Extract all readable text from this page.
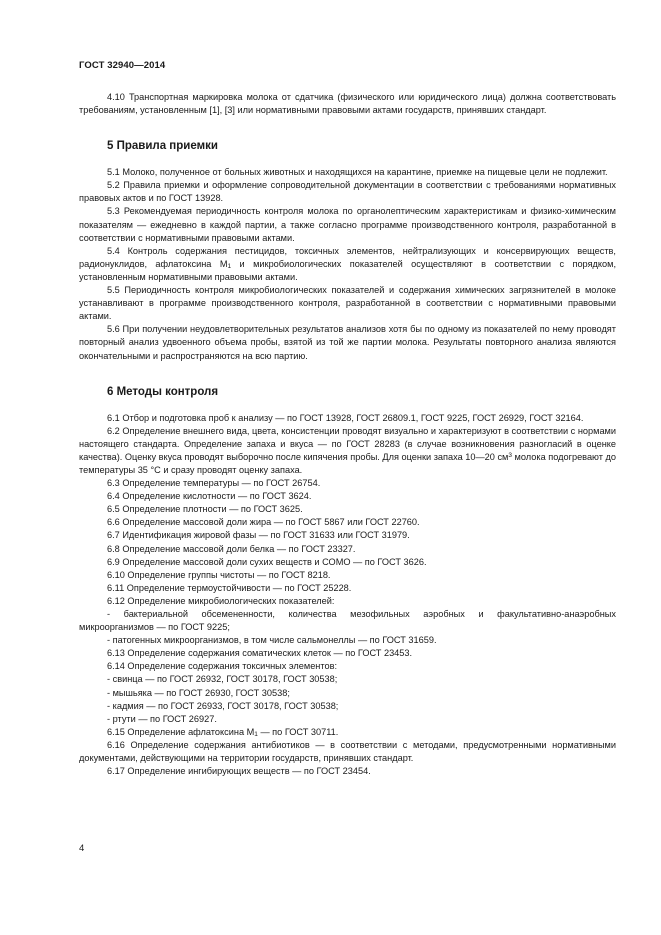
ГОСТ 32940—2014

4.10 Транспортная маркировка молока от сдатчика (физического или юридического лица) должна соответствовать требованиям, установленным [1], [3] или нормативными правовыми актами государств, принявших стандарт.

5 Правила приемки

5.1 Молоко, полученное от больных животных и находящихся на карантине, приемке на пищевые цели не подлежит.

5.2 Правила приемки и оформление сопроводительной документации в соответствии с требованиями нормативных правовых актов и по ГОСТ 13928.

5.3 Рекомендуемая периодичность контроля молока по органолептическим характеристикам и физико-химическим показателям — ежедневно в каждой партии, а также согласно программе производственного контроля, разработанной в соответствии с нормативными правовыми актами.

5.4 Контроль содержания пестицидов, токсичных элементов, нейтрализующих и консервирующих веществ, радионуклидов, афлатоксина $М_1$ и микробиологических показателей осуществляют в соответствии с порядком, установленным нормативными правовыми актами.

5.5 Периодичность контроля микробиологических показателей и содержания химических загрязнителей в молоке устанавливают в программе производственного контроля, разработанной в соответствии с нормативными правовыми актами.

5.6 При получении неудовлетворительных результатов анализов хотя бы по одному из показателей по нему проводят повторный анализ удвоенного объема пробы, взятой из той же партии молока. Результаты повторного анализа являются окончательными и распространяются на всю партию.

6 Методы контроля

6.1 Отбор и подготовка проб к анализу — по ГОСТ 13928, ГОСТ 26809.1, ГОСТ 9225, ГОСТ 26929, ГОСТ 32164.

6.2 Определение внешнего вида, цвета, консистенции проводят визуально и характеризуют в соответствии с нормами настоящего стандарта. Определение запаха и вкуса — по ГОСТ 28283 (в случае возникновения разногласий в оценке качества). Оценку вкуса проводят выборочно после кипячения пробы. Для оценки запаха 10—20 $см^3$ молока подогревают до температуры 35 °С и сразу проводят оценку запаха.

6.3 Определение температуры — по ГОСТ 26754.

6.4 Определение кислотности — по ГОСТ 3624.

6.5 Определение плотности — по ГОСТ 3625.

6.6 Определение массовой доли жира — по ГОСТ 5867 или ГОСТ 22760.

6.7 Идентификация жировой фазы — по ГОСТ 31633 или ГОСТ 31979.

6.8 Определение массовой доли белка — по ГОСТ 23327.

6.9 Определение массовой доли сухих веществ и СОМО — по ГОСТ 3626.

6.10 Определение группы чистоты — по ГОСТ 8218.

6.11 Определение термоустойчивости — по ГОСТ 25228.

6.12 Определение микробиологических показателей:

- бактериальной обсемененности, количества мезофильных аэробных и факультативно-анаэробных микроорганизмов — по ГОСТ 9225;

- патогенных микроорганизмов, в том числе сальмонеллы — по ГОСТ 31659.

6.13 Определение содержания соматических клеток — по ГОСТ 23453.

6.14 Определение содержания токсичных элементов:

- свинца — по ГОСТ 26932, ГОСТ 30178, ГОСТ 30538;

- мышьяка — по ГОСТ 26930, ГОСТ 30538;

- кадмия — по ГОСТ 26933, ГОСТ 30178, ГОСТ 30538;

- ртути — по ГОСТ 26927.

6.15 Определение афлатоксина $М_1$ — по ГОСТ 30711.

6.16 Определение содержания антибиотиков — в соответствии с методами, предусмотренными нормативными документами, действующими на территории государств, принявших стандарт.

6.17 Определение ингибирующих веществ — по ГОСТ 23454.

4
